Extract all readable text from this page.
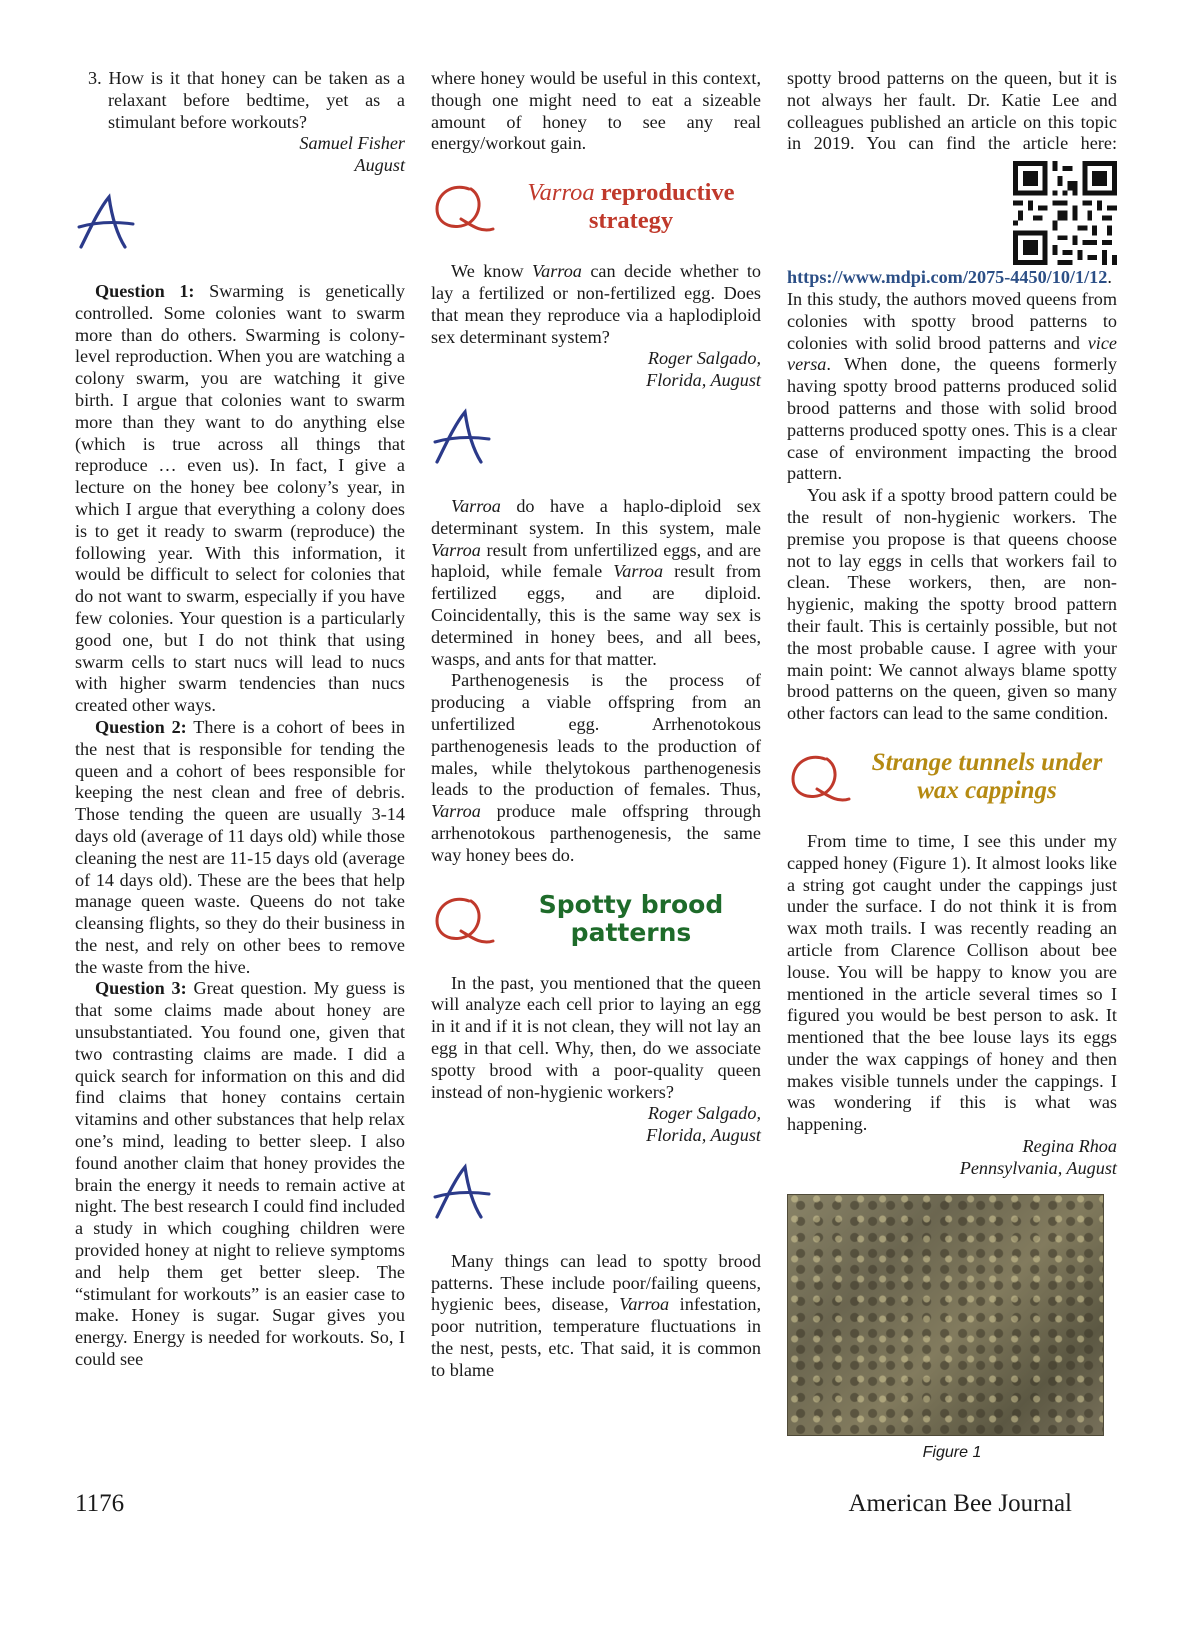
3. How is it that honey can be taken as a relaxant before bedtime, yet as a stimulant before workouts?

Samuel Fisher
August

Question 1: Swarming is genetically controlled. Some colonies want to swarm more than do others. Swarming is colony-level reproduction. When you are watching a colony swarm, you are watching it give birth. I argue that colonies want to swarm more than they want to do anything else (which is true across all things that reproduce … even us). In fact, I give a lecture on the honey bee colony’s year, in which I argue that everything a colony does is to get it ready to swarm (reproduce) the following year. With this information, it would be difficult to select for colonies that do not want to swarm, especially if you have few colonies. Your question is a particularly good one, but I do not think that using swarm cells to start nucs will lead to nucs with higher swarm tendencies than nucs created other ways.

Question 2: There is a cohort of bees in the nest that is responsible for tending the queen and a cohort of bees responsible for keeping the nest clean and free of debris. Those tending the queen are usually 3-14 days old (average of 11 days old) while those cleaning the nest are 11-15 days old (average of 14 days old). These are the bees that help manage queen waste. Queens do not take cleansing flights, so they do their business in the nest, and rely on other bees to remove the waste from the hive.

Question 3: Great question. My guess is that some claims made about honey are unsubstantiated. You found one, given that two contrasting claims are made. I did a quick search for information on this and did find claims that honey contains certain vitamins and other substances that help relax one’s mind, leading to better sleep. I also found another claim that honey provides the brain the energy it needs to remain active at night. The best research I could find included a study in which coughing children were provided honey at night to relieve symptoms and help them get better sleep. The “stimulant for workouts” is an easier case to make. Honey is sugar. Sugar gives you energy. Energy is needed for workouts. So, I could see

where honey would be useful in this context, though one might need to eat a sizeable amount of honey to see any real energy/workout gain.

Varroa reproductive strategy

We know Varroa can decide whether to lay a fertilized or non-fertilized egg. Does that mean they reproduce via a haplodiploid sex determinant system?

Roger Salgado,
Florida, August

Varroa do have a haplo-diploid sex determinant system. In this system, male Varroa result from unfertilized eggs, and are haploid, while female Varroa result from fertilized eggs, and are diploid. Coincidentally, this is the same way sex is determined in honey bees, and all bees, wasps, and ants for that matter.

Parthenogenesis is the process of producing a viable offspring from an unfertilized egg. Arrhenotokous parthenogenesis leads to the production of males, while thelytokous parthenogenesis leads to the production of females. Thus, Varroa produce male offspring through arrhenotokous parthenogenesis, the same way honey bees do.

Spotty brood patterns

In the past, you mentioned that the queen will analyze each cell prior to laying an egg in it and if it is not clean, they will not lay an egg in that cell. Why, then, do we associate spotty brood with a poor-quality queen instead of non-hygienic workers?

Roger Salgado,
Florida, August

Many things can lead to spotty brood patterns. These include poor/failing queens, hygienic bees, disease, Varroa infestation, poor nutrition, temperature fluctuations in the nest, pests, etc. That said, it is common to blame

spotty brood patterns on the queen, but it is not always her fault. Dr. Katie Lee and colleagues published an article on this topic in 2019. You can find the article here:
https://www.mdpi.com/2075-4450/10/1/12. In this study, the authors moved queens from colonies with spotty brood patterns to colonies with solid brood patterns and vice versa. When done, the queens formerly having spotty brood patterns produced solid brood patterns and those with solid brood patterns produced spotty ones. This is a clear case of environment impacting the brood pattern.

You ask if a spotty brood pattern could be the result of non-hygienic workers. The premise you propose is that queens choose not to lay eggs in cells that workers fail to clean. These workers, then, are non-hygienic, making the spotty brood pattern their fault. This is certainly possible, but not the most probable cause. I agree with your main point: We cannot always blame spotty brood patterns on the queen, given so many other factors can lead to the same condition.

Strange tunnels under wax cappings

From time to time, I see this under my capped honey (Figure 1). It almost looks like a string got caught under the cappings just under the surface. I do not think it is from wax moth trails. I was recently reading an article from Clarence Collison about bee louse. You will be happy to know you are mentioned in the article several times so I figured you would be best person to ask. It mentioned that the bee louse lays its eggs under the wax cappings of honey and then makes visible tunnels under the cappings. I was wondering if this is what was happening.

Regina Rhoa
Pennsylvania, August

Figure 1
1176	American Bee Journal
